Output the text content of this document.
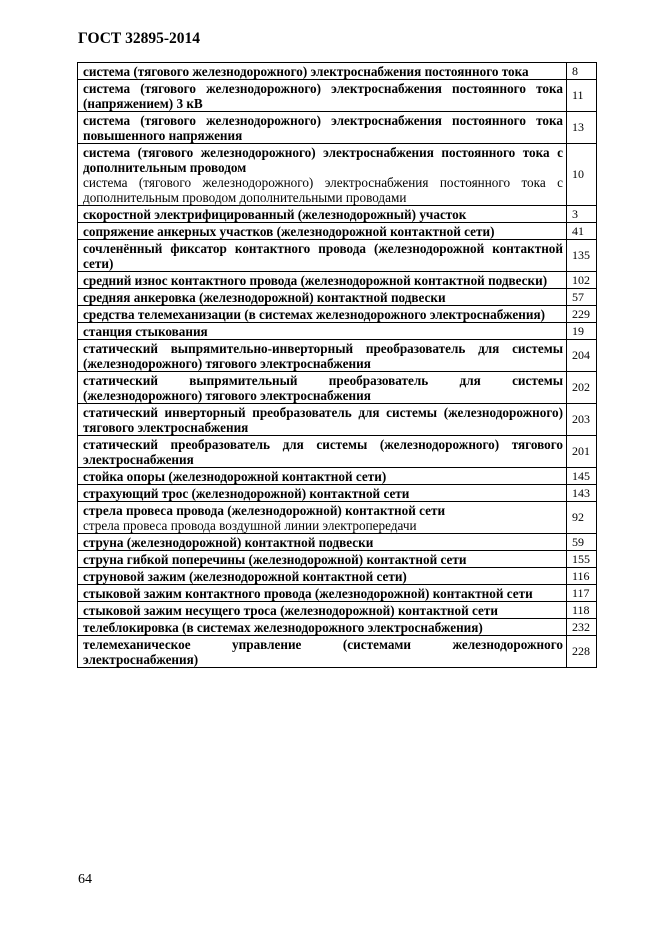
ГОСТ 32895-2014
система (тягового железнодорожного) электроснабжения постоянного тока	8

система (тягового железнодорожного) электроснабжения постоянного тока (напряжением) 3 кВ	11

система (тягового железнодорожного) электроснабжения постоянного тока повышенного напряжения	13

система (тягового железнодорожного) электроснабжения постоянного тока с дополнительным проводом
система (тягового железнодорожного) электроснабжения постоянного тока с дополнительным проводом дополнительными проводами	10

скоростной электрифицированный (железнодорожный) участок	3

сопряжение анкерных участков (железнодорожной контактной сети)	41

сочленённый фиксатор контактного провода (железнодорожной контактной сети)	135

средний износ контактного провода (железнодорожной контактной подвески)	102

средняя анкеровка (железнодорожной) контактной подвески	57

средства телемеханизации (в системах железнодорожного электроснабжения)	229

станция стыкования	19

статический выпрямительно-инверторный преобразователь для системы (железнодорожного) тягового электроснабжения	204

статический выпрямительный преобразователь для системы (железнодорожного) тягового электроснабжения	202

статический инверторный преобразователь для системы (железнодорожного) тягового электроснабжения	203

статический преобразователь для системы (железнодорожного) тягового электроснабжения	201

стойка опоры (железнодорожной контактной сети)	145

страхующий трос (железнодорожной) контактной сети	143

стрела провеса провода (железнодорожной) контактной сети
стрела провеса провода воздушной линии электропередачи	92

струна (железнодорожной) контактной подвески	59

струна гибкой поперечины (железнодорожной) контактной сети	155

струновой зажим (железнодорожной контактной сети)	116

стыковой зажим контактного провода (железнодорожной) контактной сети	117

стыковой зажим несущего троса (железнодорожной) контактной сети	118

телеблокировка (в системах железнодорожного электроснабжения)	232

телемеханическое управление (системами железнодорожного электроснабжения)	228
64
